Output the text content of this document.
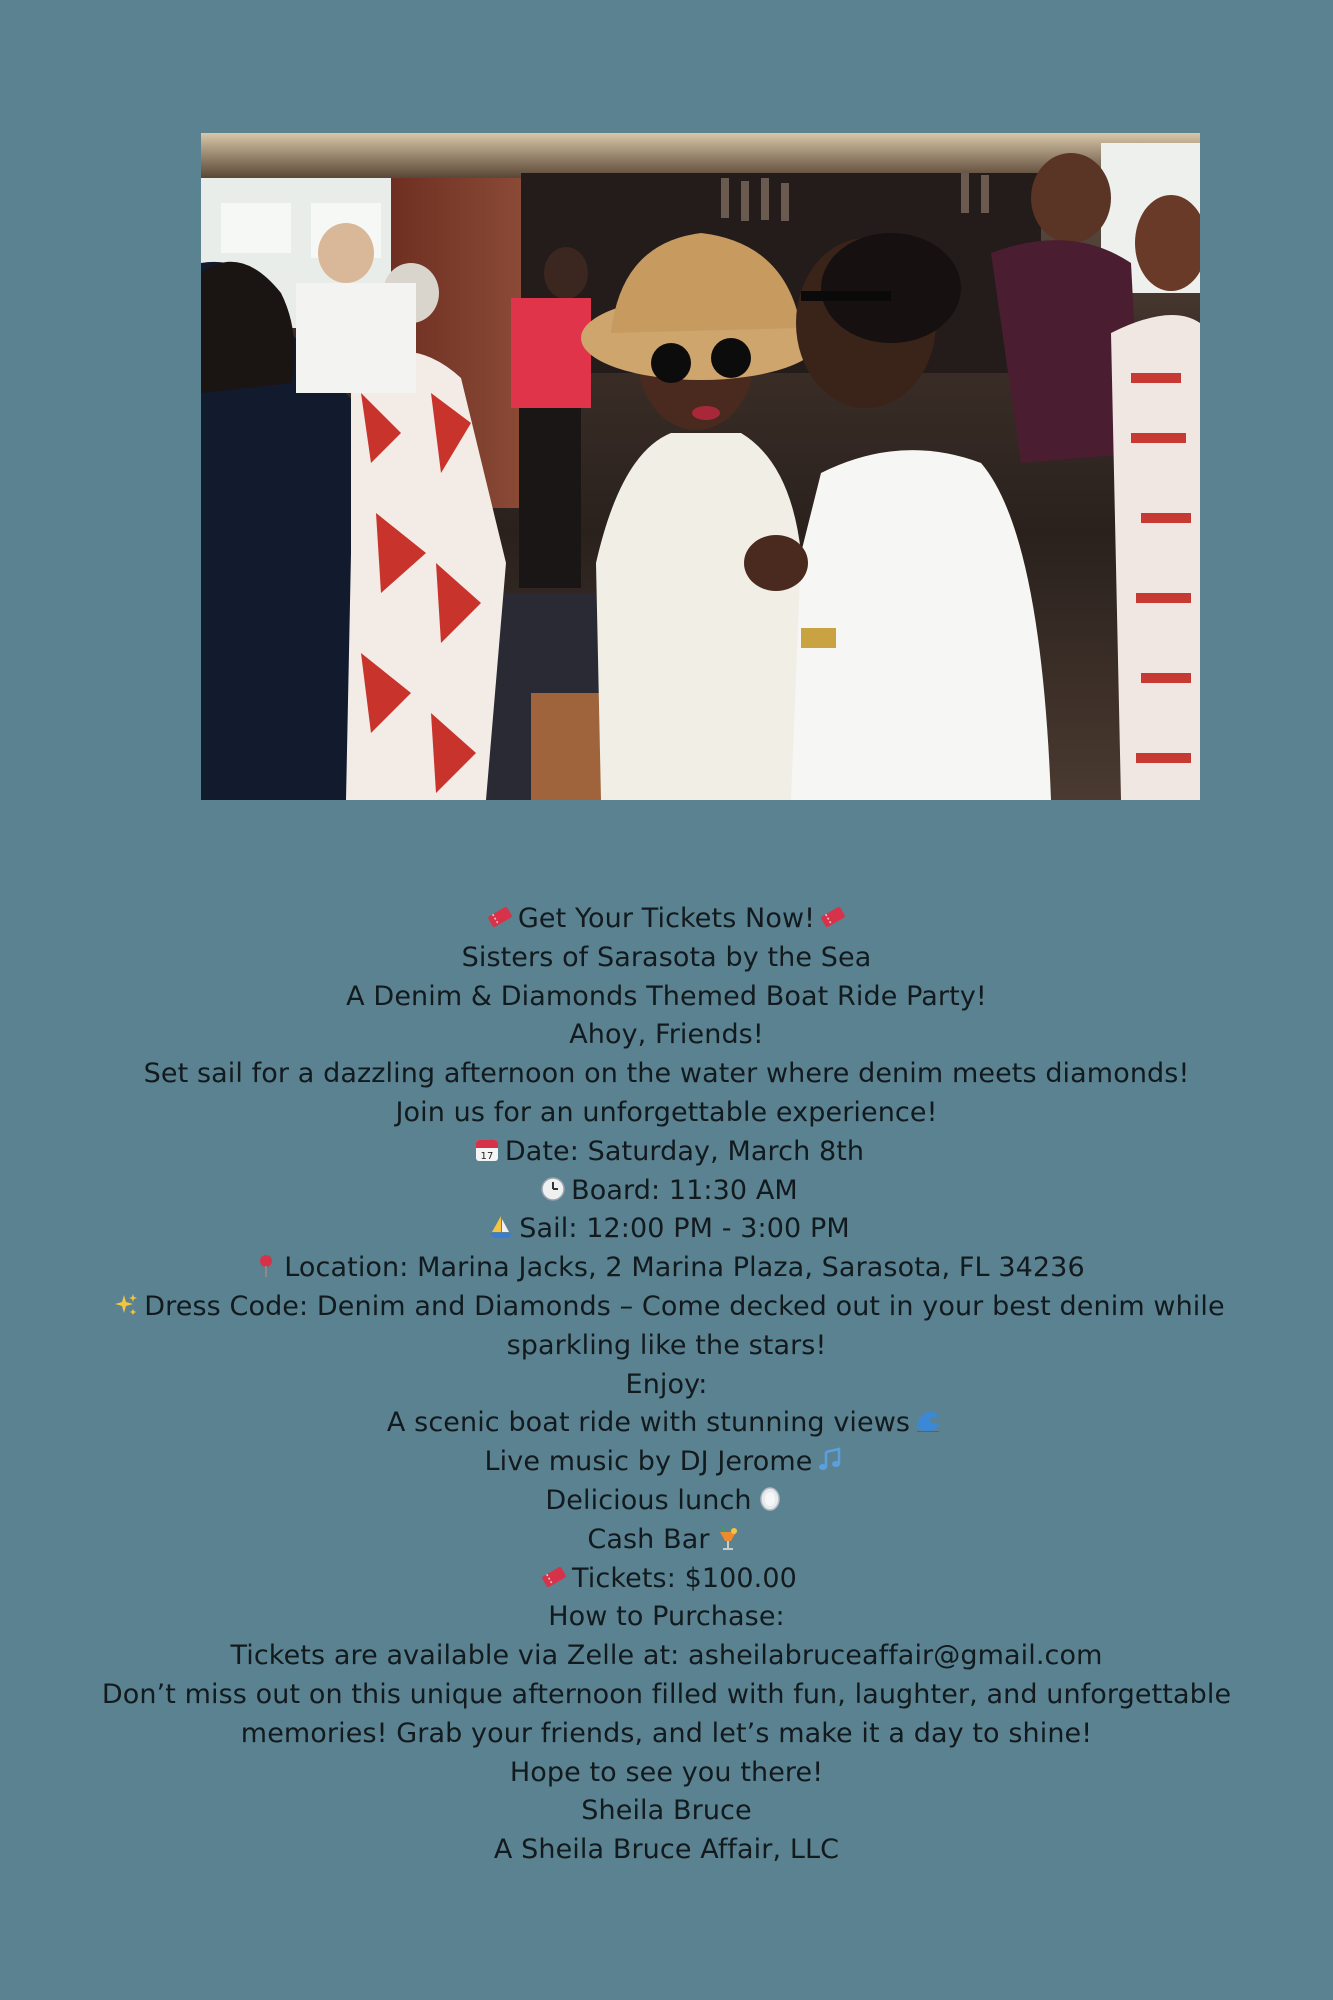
Get Your Tickets Now!

Sisters of Sarasota by the Sea

A Denim & Diamonds Themed Boat Ride Party!

Ahoy, Friends!

Set sail for a dazzling afternoon on the water where denim meets diamonds!

Join us for an unforgettable experience!

17 Date: Saturday, March 8th

Board: 11:30 AM

Sail: 12:00 PM - 3:00 PM

Location: Marina Jacks, 2 Marina Plaza, Sarasota, FL 34236

Dress Code: Denim and Diamonds – Come decked out in your best denim while sparkling like the stars!

Enjoy:

A scenic boat ride with stunning views

Live music by DJ Jerome

Delicious lunch

Cash Bar

Tickets: $100.00

How to Purchase:

Tickets are available via Zelle at: asheilabruceaffair@gmail.com

Don’t miss out on this unique afternoon filled with fun, laughter, and unforgettable memories! Grab your friends, and let’s make it a day to shine!

Hope to see you there!

Sheila Bruce

A Sheila Bruce Affair, LLC
